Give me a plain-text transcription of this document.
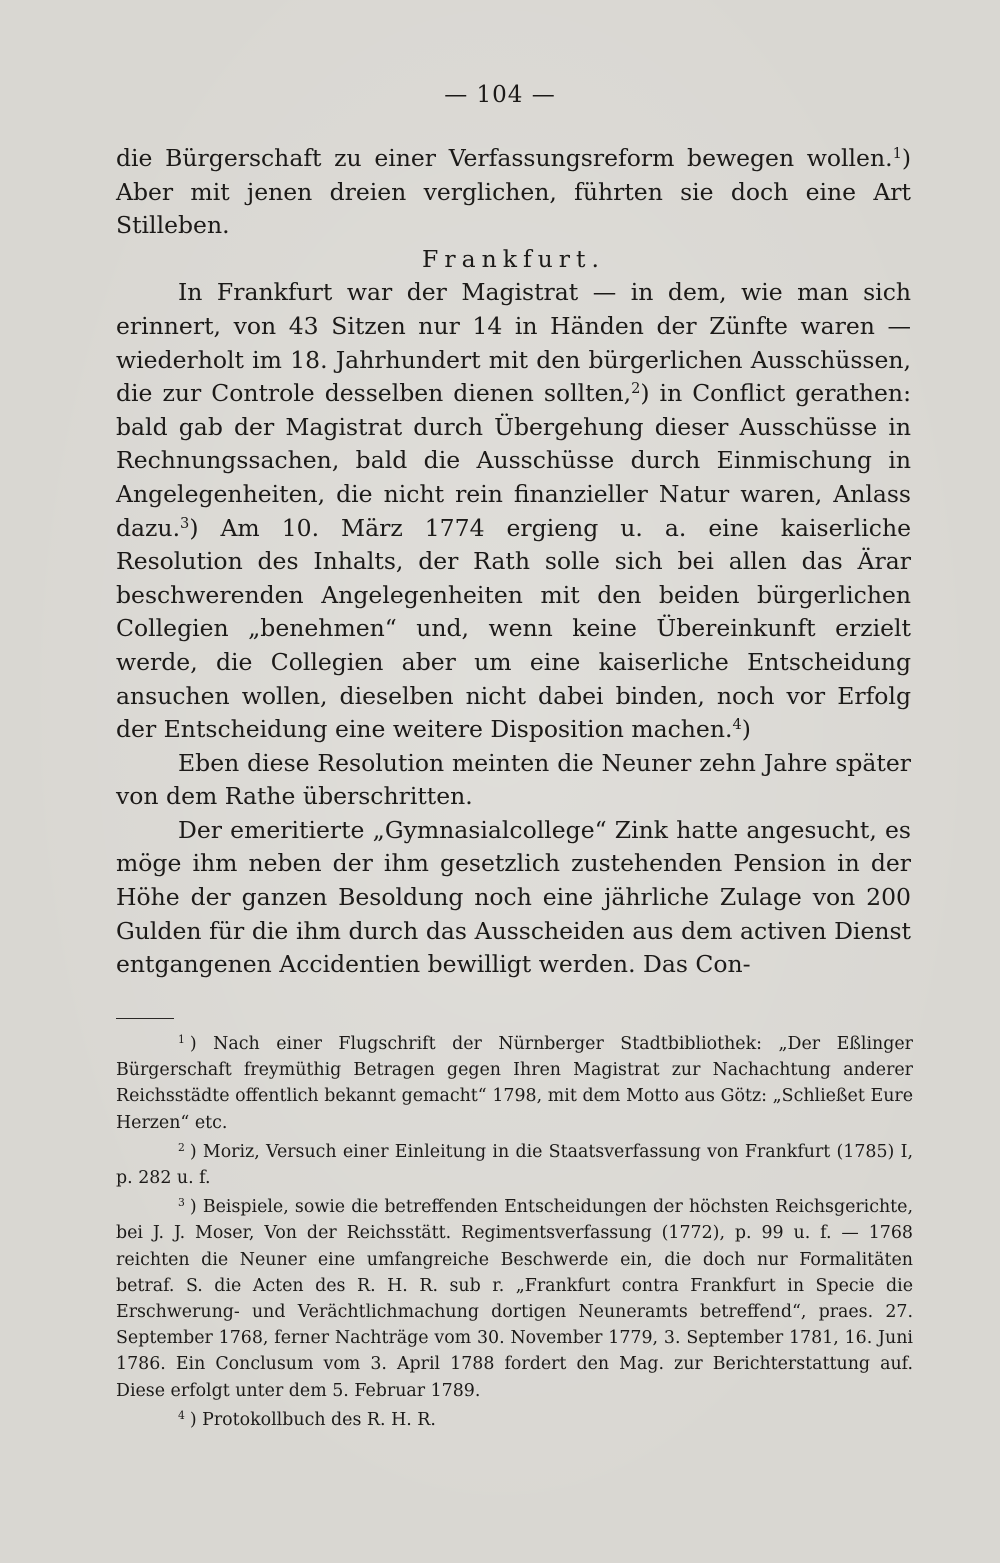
— 104 —

die Bürgerschaft zu einer Verfassungsreform bewegen wollen.$^1$) Aber mit jenen dreien verglichen, führten sie doch eine Art Stilleben.

Frankfurt.

In Frankfurt war der Magistrat — in dem, wie man sich erinnert, von 43 Sitzen nur 14 in Händen der Zünfte waren — wiederholt im 18. Jahrhundert mit den bürgerlichen Ausschüssen, die zur Controle desselben dienen sollten,$^2$) in Conflict gerathen: bald gab der Magistrat durch Übergehung dieser Ausschüsse in Rechnungssachen, bald die Ausschüsse durch Einmischung in Angelegenheiten, die nicht rein finanzieller Natur waren, Anlass dazu.$^3$) Am 10. März 1774 ergieng u. a. eine kaiserliche Resolution des Inhalts, der Rath solle sich bei allen das Ärar beschwerenden Angelegenheiten mit den beiden bürgerlichen Collegien „benehmen“ und, wenn keine Übereinkunft erzielt werde, die Collegien aber um eine kaiserliche Entscheidung ansuchen wollen, dieselben nicht dabei binden, noch vor Erfolg der Entscheidung eine weitere Disposition machen.$^4$)

Eben diese Resolution meinten die Neuner zehn Jahre später von dem Rathe überschritten.

Der emeritierte „Gymnasialcollege“ Zink hatte angesucht, es möge ihm neben der ihm gesetzlich zustehenden Pension in der Höhe der ganzen Besoldung noch eine jährliche Zulage von 200 Gulden für die ihm durch das Ausscheiden aus dem activen Dienst entgangenen Accidentien bewilligt werden. Das Con-

$^1$ ) Nach einer Flugschrift der Nürnberger Stadtbibliothek: „Der Eßlinger Bürgerschaft freymüthig Betragen gegen Ihren Magistrat zur Nachachtung anderer Reichsstädte offentlich bekannt gemacht“ 1798, mit dem Motto aus Götz: „Schließet Eure Herzen“ etc.

$^2$ ) Moriz, Versuch einer Einleitung in die Staatsverfassung von Frankfurt (1785) I, p. 282 u. f.

$^3$ ) Beispiele, sowie die betreffenden Entscheidungen der höchsten Reichsgerichte, bei J. J. Moser, Von der Reichsstätt. Regimentsverfassung (1772), p. 99 u. f. — 1768 reichten die Neuner eine umfangreiche Beschwerde ein, die doch nur Formalitäten betraf. S. die Acten des R. H. R. sub r. „Frankfurt contra Frankfurt in Specie die Erschwerung- und Verächtlichmachung dortigen Neuneramts betreffend“, praes. 27. September 1768, ferner Nachträge vom 30. November 1779, 3. September 1781, 16. Juni 1786. Ein Conclusum vom 3. April 1788 fordert den Mag. zur Berichterstattung auf. Diese erfolgt unter dem 5. Februar 1789.

$^4$ ) Protokollbuch des R. H. R.
